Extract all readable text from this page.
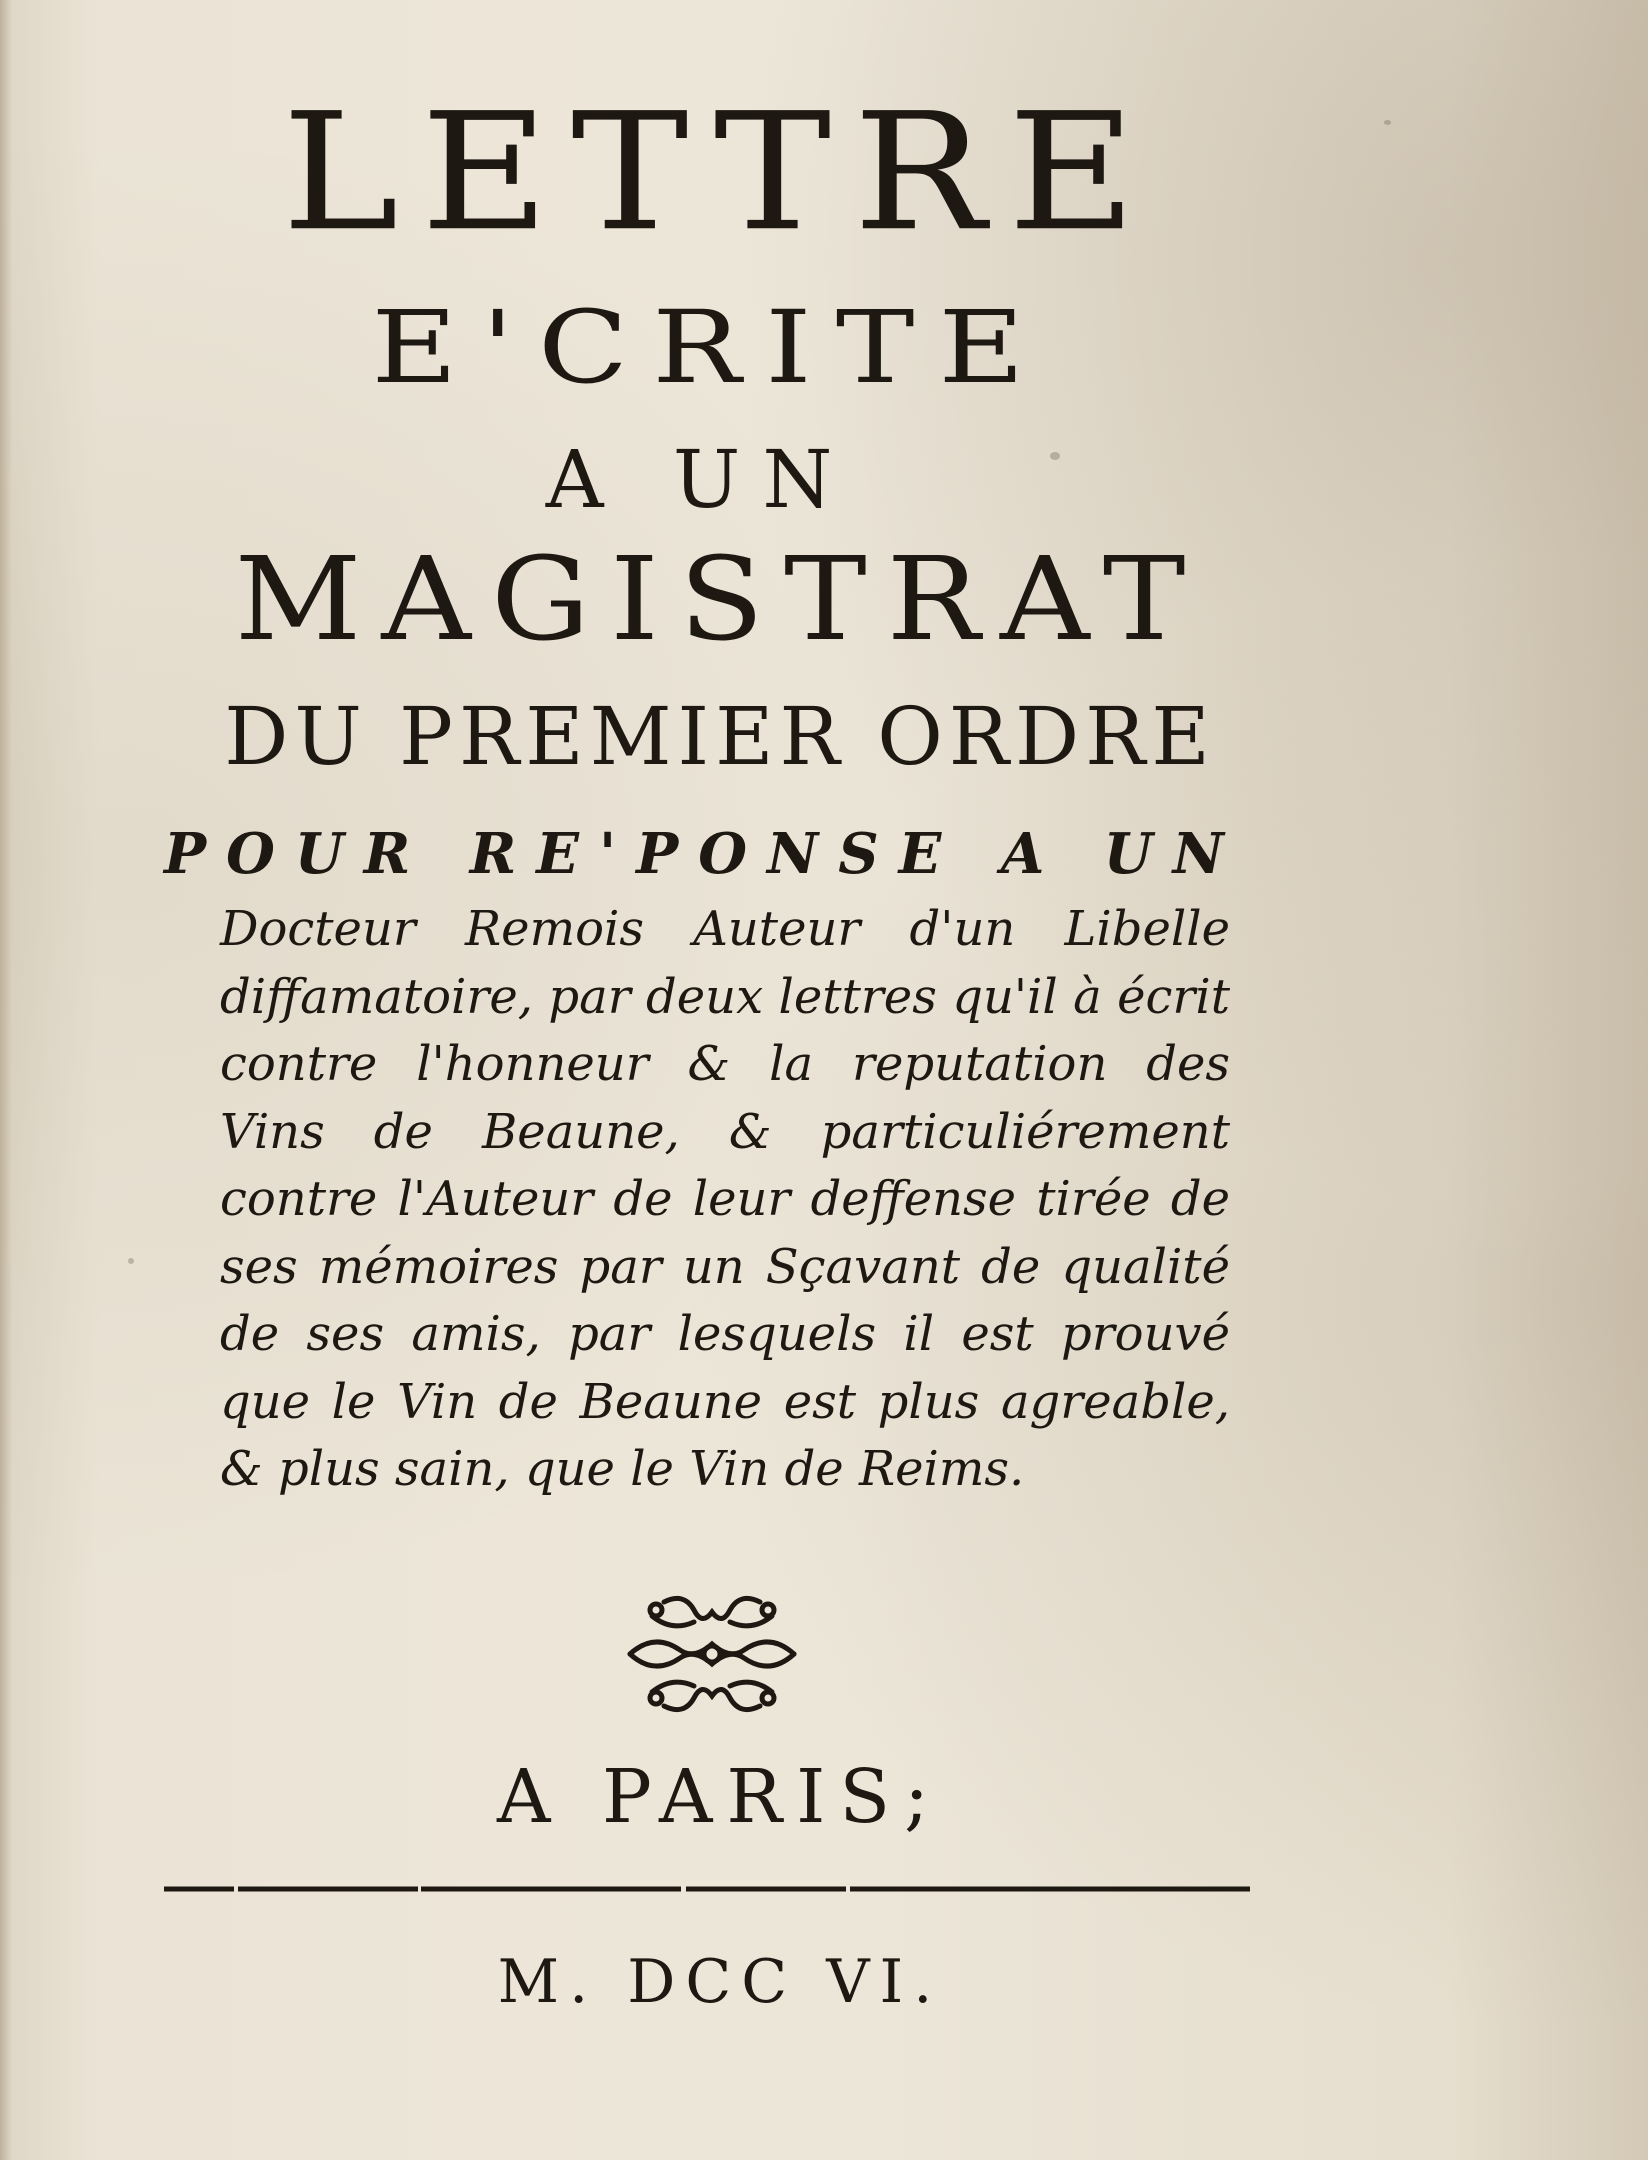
LETTRE
E'CRITE
A UN
MAGISTRAT
DU PREMIER ORDRE
POUR RE'PONSE A UN
Docteur Remois Auteur d'un Libelle diffamatoire, par deux lettres qu'il à écrit contre l'honneur & la reputation des Vins de Beaune, & particuliérement contre l'Auteur de leur deffense tirée de ses mémoires par un Sçavant de qualité de ses amis, par lesquels il est prouvé que le Vin de Beaune est plus agreable, & plus sain, que le Vin de Reims.
A PARIS;
M. DCC VI.
